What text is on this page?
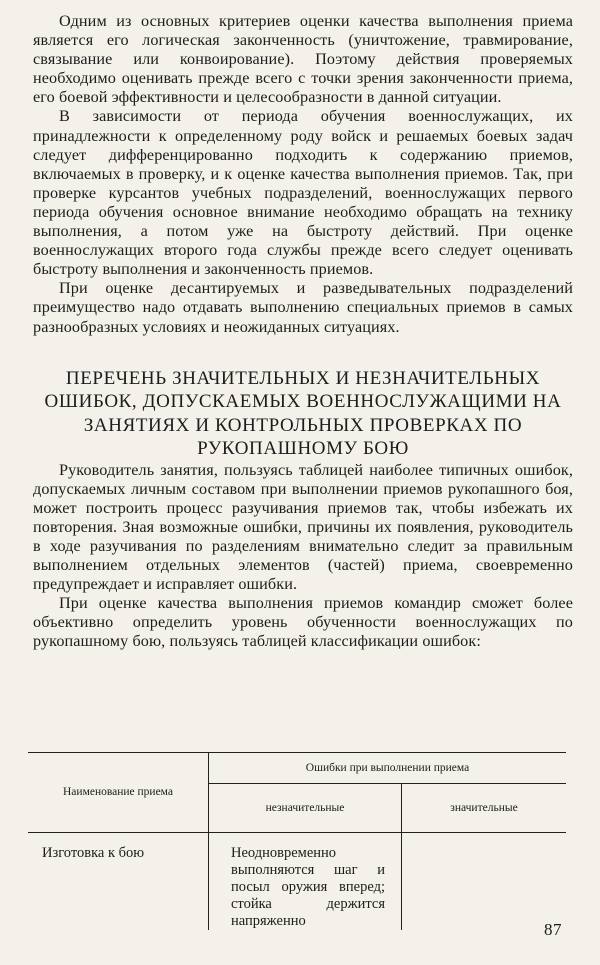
Одним из основных критериев оценки качества выполнения приема является его логическая законченность (уничтожение, травмирование, связывание или конвоирование). Поэтому действия проверяемых необходимо оценивать прежде всего с точки зрения законченности приема, его боевой эффективности и целесообразности в данной ситуации.

В зависимости от периода обучения военнослужащих, их принадлежности к определенному роду войск и решаемых боевых задач следует дифференцированно подходить к содержанию приемов, включаемых в проверку, и к оценке качества выполнения приемов. Так, при проверке курсантов учебных подразделений, военнослужащих первого периода обучения основное внимание необходимо обращать на технику выполнения, а потом уже на быстроту действий. При оценке военнослужащих второго года службы прежде всего следует оценивать быстроту выполнения и законченность приемов.

При оценке десантируемых и разведывательных подразделений преимущество надо отдавать выполнению специальных приемов в самых разнообразных условиях и неожиданных ситуациях.

ПЕРЕЧЕНЬ ЗНАЧИТЕЛЬНЫХ И НЕЗНАЧИТЕЛЬНЫХ ОШИБОК, ДОПУСКАЕМЫХ ВОЕННОСЛУЖАЩИМИ НА ЗАНЯТИЯХ И КОНТРОЛЬНЫХ ПРОВЕРКАХ ПО РУКОПАШНОМУ БОЮ

Руководитель занятия, пользуясь таблицей наиболее типичных ошибок, допускаемых личным составом при выполнении приемов рукопашного боя, может построить процесс разучивания приемов так, чтобы избежать их повторения. Зная возможные ошибки, причины их появления, руководитель в ходе разучивания по разделениям внимательно следит за правильным выполнением отдельных элементов (частей) приема, своевременно предупреждает и исправляет ошибки.

При оценке качества выполнения приемов командир сможет более объективно определить уровень обученности военнослужащих по рукопашному бою, пользуясь таблицей классификации ошибок:

Наименование приема	Ошибки при выполнении приема	
	незначительные	значительные
Изготовка к бою	Неодновременно выполняются шаг и посыл оружия вперед; стойка держится напряженно		87
